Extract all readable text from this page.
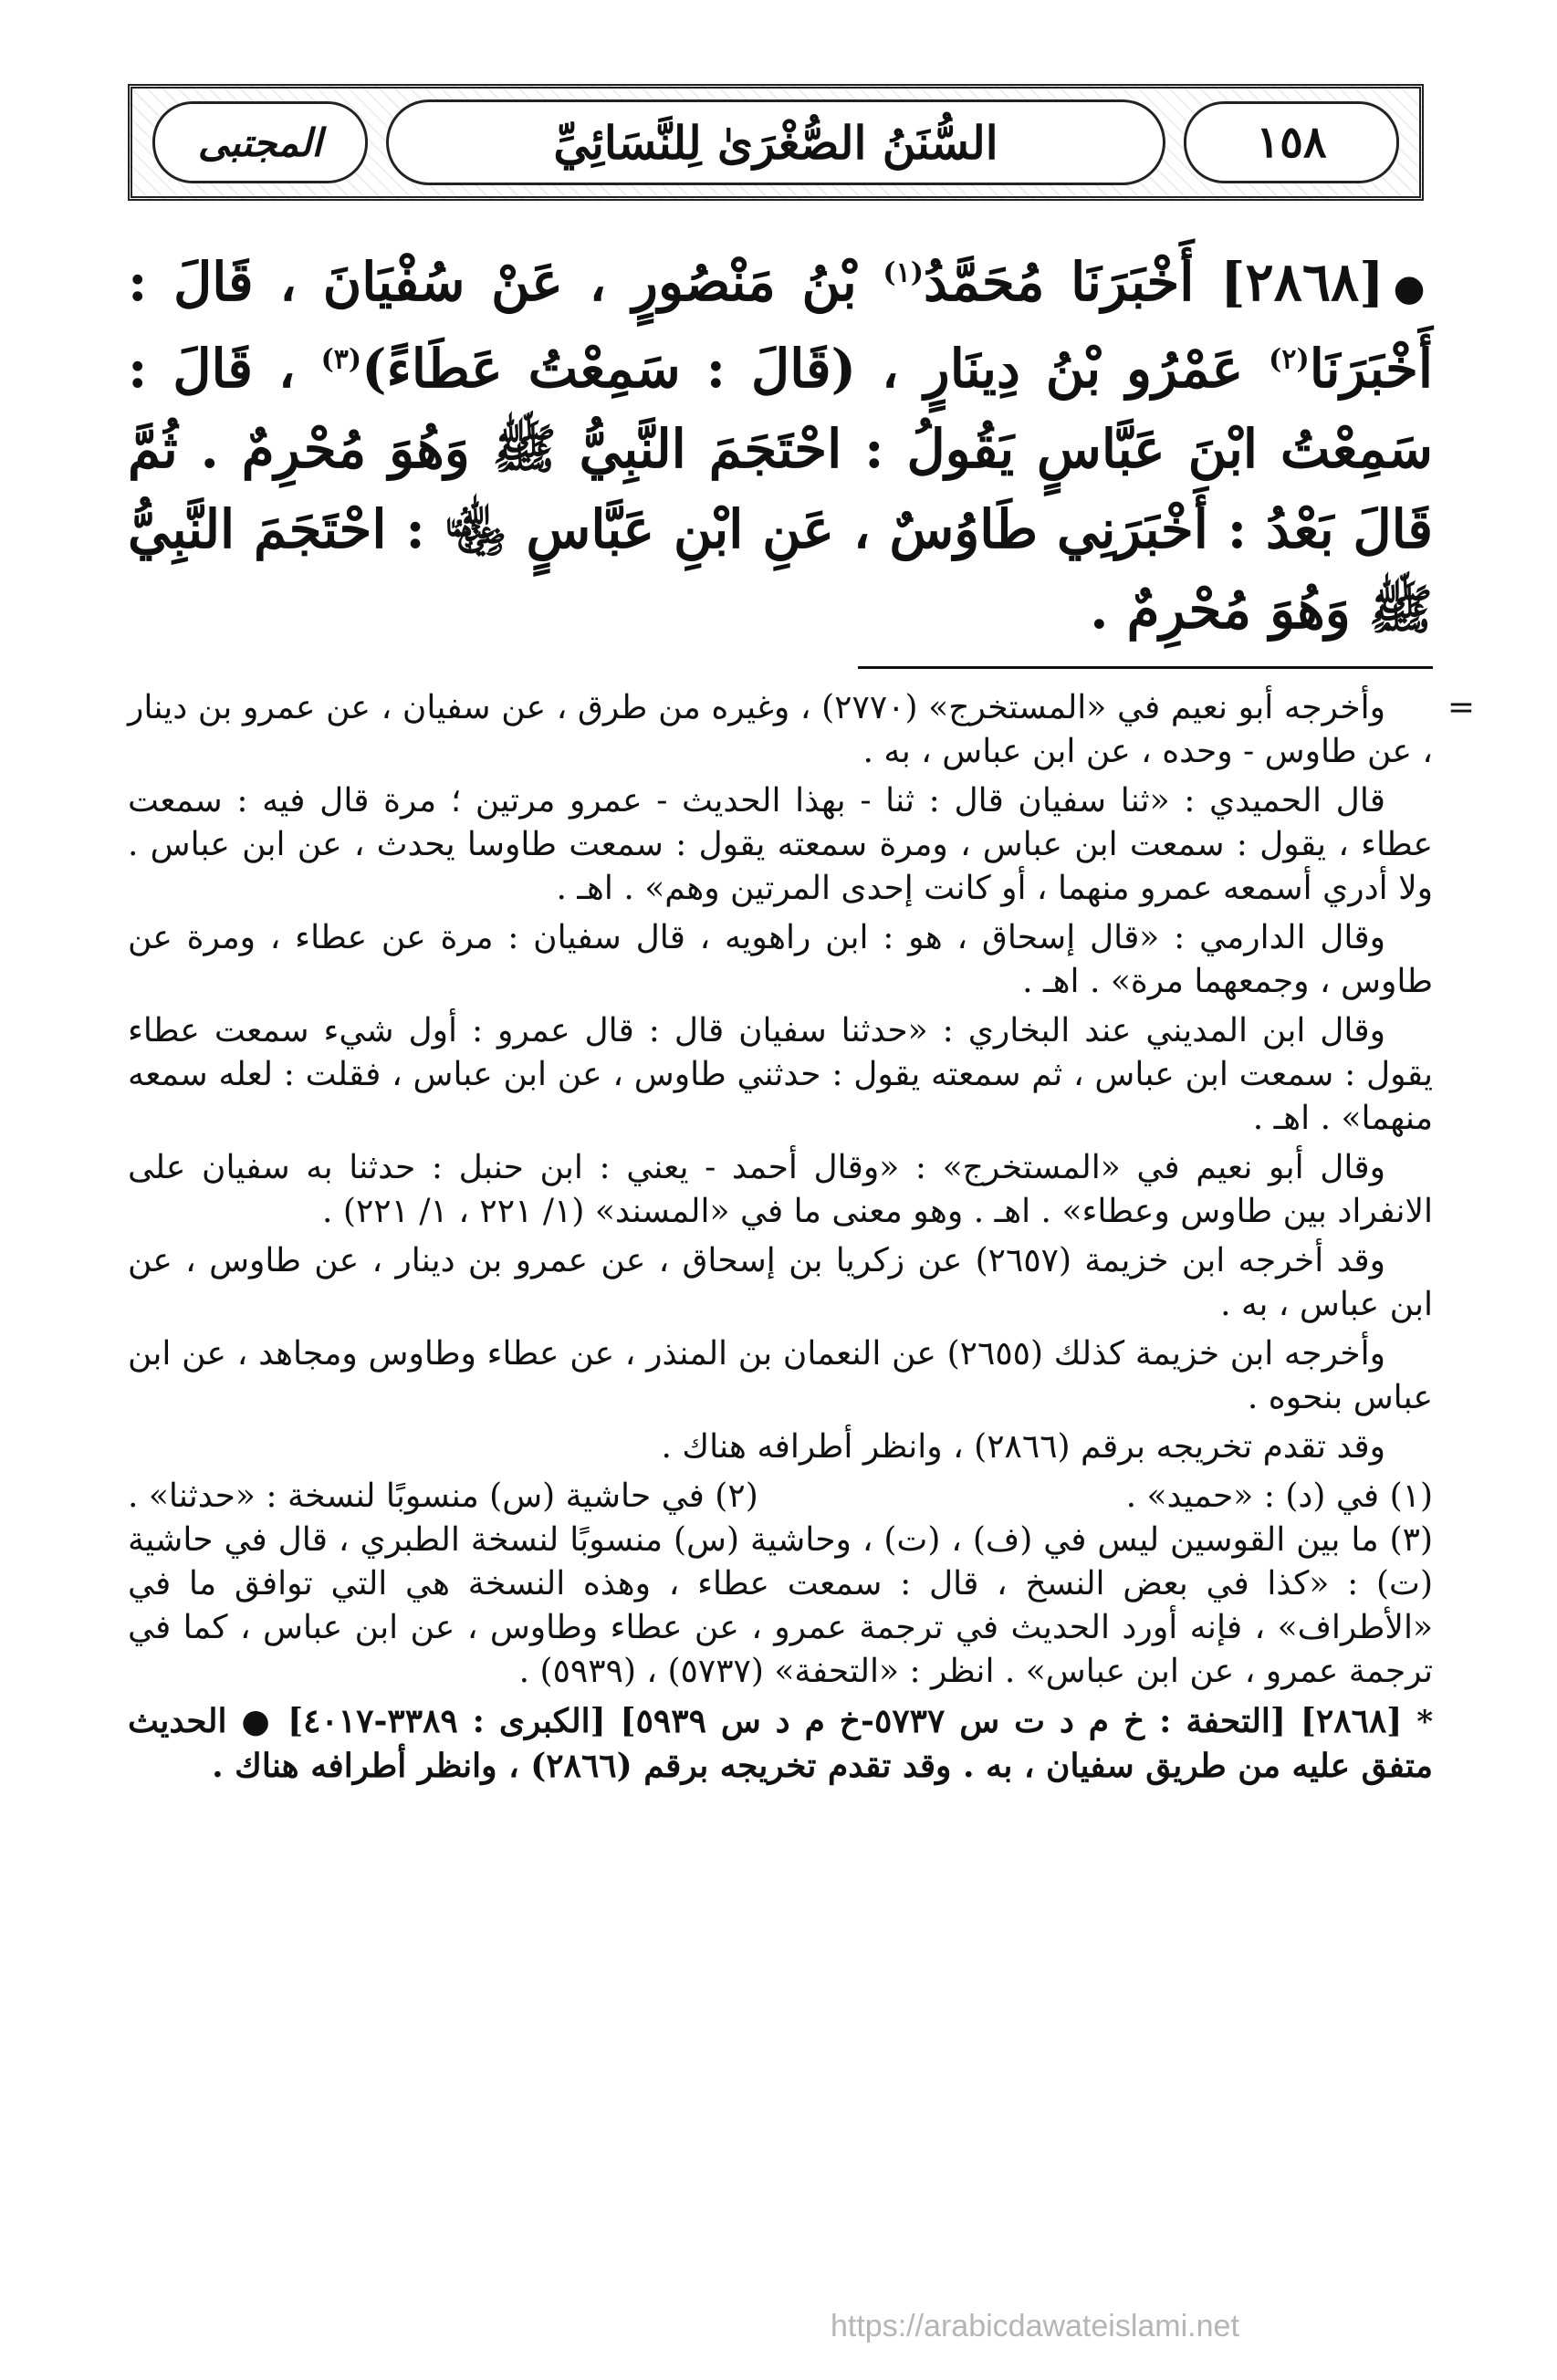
١٥٨
السُّنَنُ الصُّغْرَىٰ لِلنَّسَائِيِّ
المجتبى
●[٢٨٦٨] أَخْبَرَنَا مُحَمَّدُ$^{(١)}$ بْنُ مَنْصُورٍ ، عَنْ سُفْيَانَ ، قَالَ : أَخْبَرَنَا$^{(٢)}$ عَمْرُو بْنُ دِينَارٍ ، (قَالَ : سَمِعْتُ عَطَاءً)$^{(٣)}$ ، قَالَ : سَمِعْتُ ابْنَ عَبَّاسٍ يَقُولُ : احْتَجَمَ النَّبِيُّ ﷺ وَهُوَ مُحْرِمٌ . ثُمَّ قَالَ بَعْدُ : أَخْبَرَنِي طَاوُسٌ ، عَنِ ابْنِ عَبَّاسٍ ﵄ : احْتَجَمَ النَّبِيُّ ﷺ وَهُوَ مُحْرِمٌ .
=

وأخرجه أبو نعيم في «المستخرج» (٢٧٧٠) ، وغيره من طرق ، عن سفيان ، عن عمرو بن دينار ، عن طاوس - وحده ، عن ابن عباس ، به .

قال الحميدي : «ثنا سفيان قال : ثنا - بهذا الحديث - عمرو مرتين ؛ مرة قال فيه : سمعت عطاء ، يقول : سمعت ابن عباس ، ومرة سمعته يقول : سمعت طاوسا يحدث ، عن ابن عباس . ولا أدري أسمعه عمرو منهما ، أو كانت إحدى المرتين وهم» . اهـ .

وقال الدارمي : «قال إسحاق ، هو : ابن راهويه ، قال سفيان : مرة عن عطاء ، ومرة عن طاوس ، وجمعهما مرة» . اهـ .

وقال ابن المديني عند البخاري : «حدثنا سفيان قال : قال عمرو : أول شيء سمعت عطاء يقول : سمعت ابن عباس ، ثم سمعته يقول : حدثني طاوس ، عن ابن عباس ، فقلت : لعله سمعه منهما» . اهـ .

وقال أبو نعيم في «المستخرج» : «وقال أحمد - يعني : ابن حنبل : حدثنا به سفيان على الانفراد بين طاوس وعطاء» . اهـ . وهو معنى ما في «المسند» (١/ ٢٢١ ، ١/ ٢٢١) .

وقد أخرجه ابن خزيمة (٢٦٥٧) عن زكريا بن إسحاق ، عن عمرو بن دينار ، عن طاوس ، عن ابن عباس ، به .

وأخرجه ابن خزيمة كذلك (٢٦٥٥) عن النعمان بن المنذر ، عن عطاء وطاوس ومجاهد ، عن ابن عباس بنحوه .

وقد تقدم تخريجه برقم (٢٨٦٦) ، وانظر أطرافه هناك .

(١) في (د) : «حميد» .
(٢) في حاشية (س) منسوبًا لنسخة : «حدثنا» .

(٣) ما بين القوسين ليس في (ف) ، (ت) ، وحاشية (س) منسوبًا لنسخة الطبري ، قال في حاشية (ت) : «كذا في بعض النسخ ، قال : سمعت عطاء ، وهذه النسخة هي التي توافق ما في «الأطراف» ، فإنه أورد الحديث في ترجمة عمرو ، عن عطاء وطاوس ، عن ابن عباس ، كما في ترجمة عمرو ، عن ابن عباس» . انظر : «التحفة» (٥٧٣٧) ، (٥٩٣٩) .

* [٢٨٦٨] [التحفة : خ م د ت س ٥٧٣٧-خ م د س ٥٩٣٩] [الكبرى : ٣٣٨٩-٤٠١٧] ● الحديث متفق عليه من طريق سفيان ، به . وقد تقدم تخريجه برقم (٢٨٦٦) ، وانظر أطرافه هناك .

https://arabicdawateislami.net
